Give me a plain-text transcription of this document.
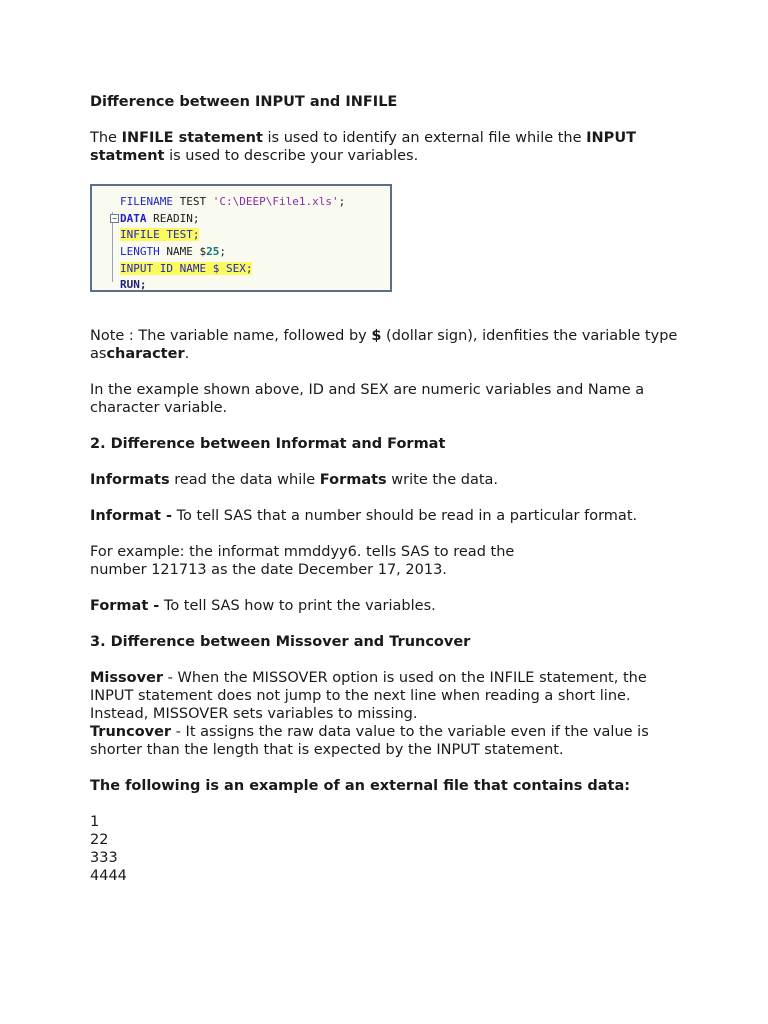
Difference between INPUT and INFILE

The INFILE statement is used to identify an external file while the INPUT statment is used to describe your variables.

FILENAME TEST 'C:\DEEP\File1.xls';
− DATA READIN;
INFILE TEST;
LENGTH NAME $25;
INPUT ID NAME $ SEX;
RUN;

Note : The variable name, followed by $ (dollar sign), idenfities the variable type ascharacter.

In the example shown above, ID and SEX are numeric variables and Name a character variable.

2. Difference between Informat and Format

Informats read the data while Formats write the data.

Informat - To tell SAS that a number should be read in a particular format.

For example: the informat mmddyy6. tells SAS to read the

number 121713 as the date December 17, 2013.

Format - To tell SAS how to print the variables.

3. Difference between Missover and Truncover

Missover - When the MISSOVER option is used on the INFILE statement, the INPUT statement does not jump to the next line when reading a short line. Instead, MISSOVER sets variables to missing.

Truncover - It assigns the raw data value to the variable even if the value is shorter than the length that is expected by the INPUT statement.

The following is an example of an external file that contains data:

1

22

333

4444
